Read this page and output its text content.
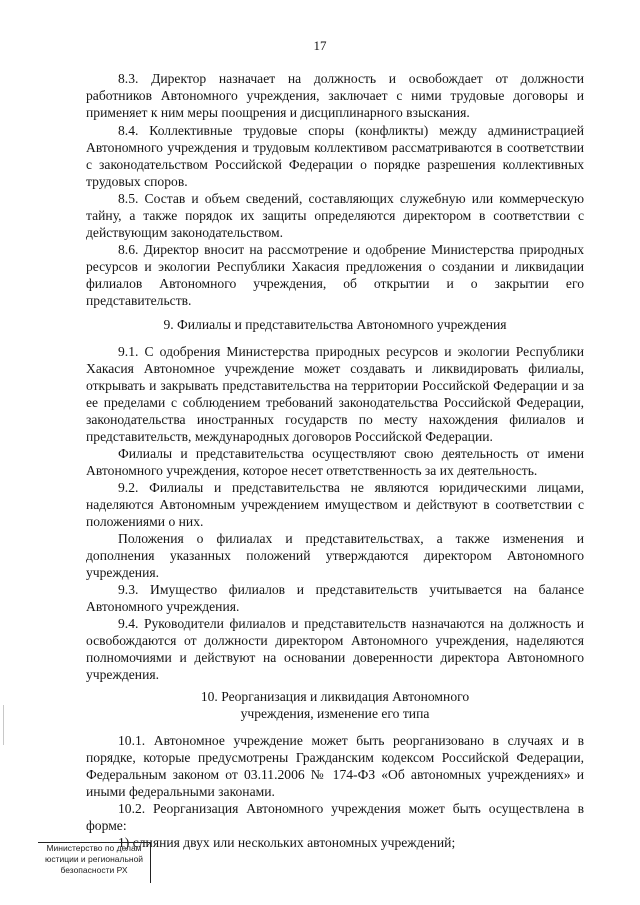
17
8.3. Директор назначает на должность и освобождает от должности
работников Автономного учреждения, заключает с ними трудовые договоры и
применяет к ним меры поощрения и дисциплинарного взыскания.
8.4. Коллективные трудовые споры (конфликты) между администрацией
Автономного учреждения и трудовым коллективом рассматриваются в соответствии
с законодательством Российской Федерации о порядке разрешения коллективных
трудовых споров.
8.5. Состав и объем сведений, составляющих служебную или коммерческую
тайну, а также порядок их защиты определяются директором в соответствии с
действующим законодательством.
8.6. Директор вносит на рассмотрение и одобрение Министерства природных
ресурсов и экологии Республики Хакасия предложения о создании и ликвидации
филиалов Автономного учреждения, об открытии и о закрытии его
представительств.
9. Филиалы и представительства Автономного учреждения
9.1. С одобрения Министерства природных ресурсов и экологии Республики
Хакасия Автономное учреждение может создавать и ликвидировать филиалы,
открывать и закрывать представительства на территории Российской Федерации и за
ее пределами с соблюдением требований законодательства Российской Федерации,
законодательства иностранных государств по месту нахождения филиалов и
представительств, международных договоров Российской Федерации.
Филиалы и представительства осуществляют свою деятельность от имени
Автономного учреждения, которое несет ответственность за их деятельность.
9.2. Филиалы и представительства не являются юридическими лицами,
наделяются Автономным учреждением имуществом и действуют в соответствии с
положениями о них.
Положения о филиалах и представительствах, а также изменения и
дополнения указанных положений утверждаются директором Автономного
учреждения.
9.3. Имущество филиалов и представительств учитывается на балансе
Автономного учреждения.
9.4. Руководители филиалов и представительств назначаются на должность и
освобождаются от должности директором Автономного учреждения, наделяются
полномочиями и действуют на основании доверенности директора Автономного
учреждения.
10. Реорганизация и ликвидация Автономного
учреждения, изменение его типа
10.1. Автономное учреждение может быть реорганизовано в случаях и в
порядке, которые предусмотрены Гражданским кодексом Российской Федерации,
Федеральным законом от 03.11.2006 № 174-ФЗ «Об автономных учреждениях» и
иными федеральными законами.
10.2. Реорганизация Автономного учреждения может быть осуществлена в
форме:
1) слияния двух или нескольких автономных учреждений;
Министерство по делам
юстиции и региональной
безопасности РХ
